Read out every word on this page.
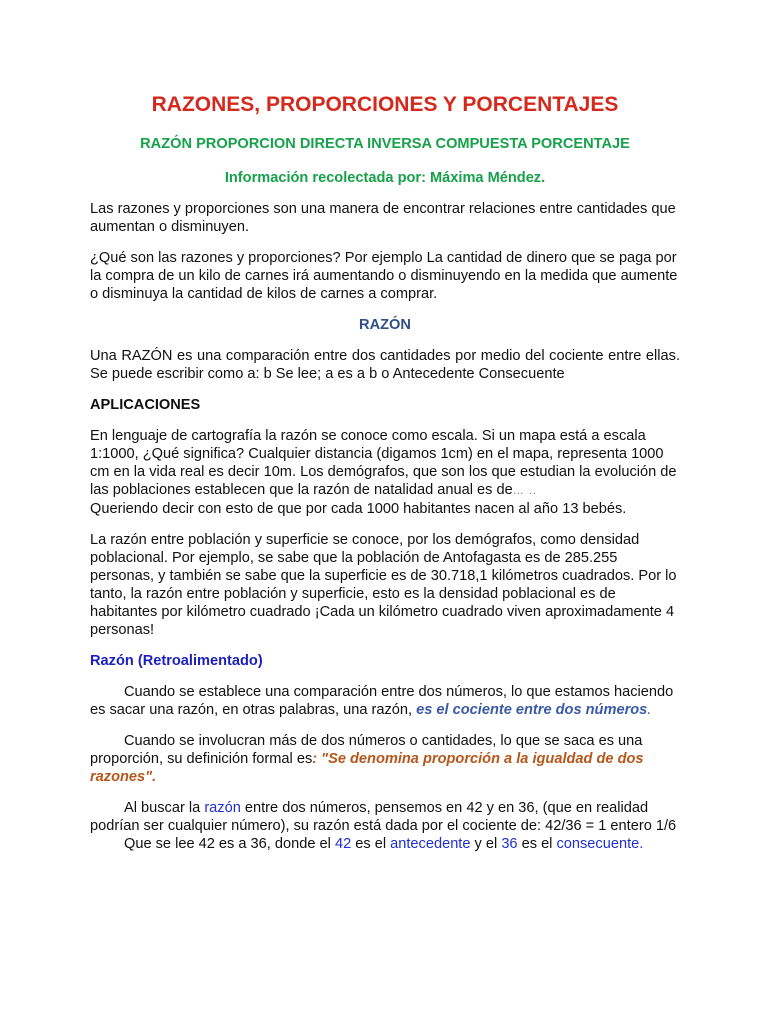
RAZONES, PROPORCIONES Y PORCENTAJES

RAZÓN PROPORCION DIRECTA INVERSA COMPUESTA PORCENTAJE

Información recolectada por: Máxima Méndez.

Las razones y proporciones son una manera de encontrar relaciones entre cantidades que aumentan o disminuyen.

¿Qué son las razones y proporciones? Por ejemplo La cantidad de dinero que se paga por la compra de un kilo de carnes irá aumentando o disminuyendo en la medida que aumente o disminuya la cantidad de kilos de carnes a comprar.

RAZÓN

Una RAZÓN es una comparación entre dos cantidades por medio del cociente entre ellas. Se puede escribir como a: b Se lee; a es a b o Antecedente Consecuente

APLICACIONES

En lenguaje de cartografía la razón se conoce como escala. Si un mapa está a escala 1:1000, ¿Qué significa? Cualquier distancia (digamos 1cm) en el mapa, representa 1000 cm en la vida real es decir 10m. Los demógrafos, que son los que estudian la evolución de las poblaciones establecen que la razón de natalidad anual es de… ..
Queriendo decir con esto de que por cada 1000 habitantes nacen al año 13 bebés.

La razón entre población y superficie se conoce, por los demógrafos, como densidad poblacional. Por ejemplo, se sabe que la población de Antofagasta es de 285.255 personas, y también se sabe que la superficie es de 30.718,1 kilómetros cuadrados. Por lo tanto, la razón entre población y superficie, esto es la densidad poblacional es de habitantes por kilómetro cuadrado ¡Cada un kilómetro cuadrado viven aproximadamente 4 personas!

Razón (Retroalimentado)

Cuando se establece una comparación entre dos números, lo que estamos haciendo es sacar una razón, en otras palabras, una razón, es el cociente entre dos números.

Cuando se involucran más de dos números o cantidades, lo que se saca es una proporción, su definición formal es: "Se denomina proporción a la igualdad de dos razones".

Al buscar la razón entre dos números, pensemos en 42 y en 36, (que en realidad podrían ser cualquier número), su razón está dada por el cociente de: 42/36 = 1 entero 1/6

Que se lee 42 es a 36, donde el 42 es el antecedente y el 36 es el consecuente.
